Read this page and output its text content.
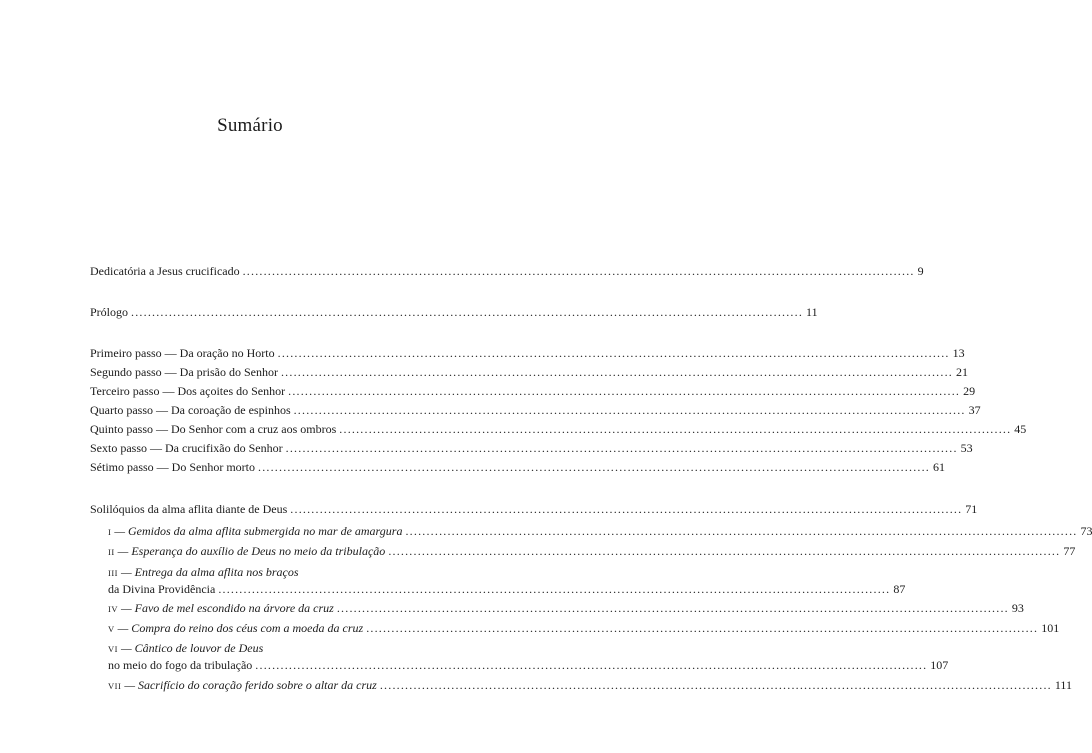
Sumário
Dedicatória a Jesus crucificado .....	9
Prólogo .....	11
Primeiro passo — Da oração no Horto .....	13
Segundo passo — Da prisão do Senhor .....	21
Terceiro passo — Dos açoites do Senhor .....	29
Quarto passo — Da coroação de espinhos .....	37
Quinto passo — Do Senhor com a cruz aos ombros .....	45
Sexto passo — Da crucifixão do Senhor .....	53
Sétimo passo — Do Senhor morto .....	61
Solilóquios da alma aflita diante de Deus .....	71
I — Gemidos da alma aflita submergida no mar de amargura .....	73
II — Esperança do auxílio de Deus no meio da tribulação .....	77
III — Entrega da alma aflita nos braços
da Divina Providência .....	87
IV — Favo de mel escondido na árvore da cruz .....	93
V — Compra do reino dos céus com a moeda da cruz .....	101
VI — Cântico de louvor de Deus
no meio do fogo da tribulação .....	107
VII — Sacrifício do coração ferido sobre o altar da cruz .....	111
